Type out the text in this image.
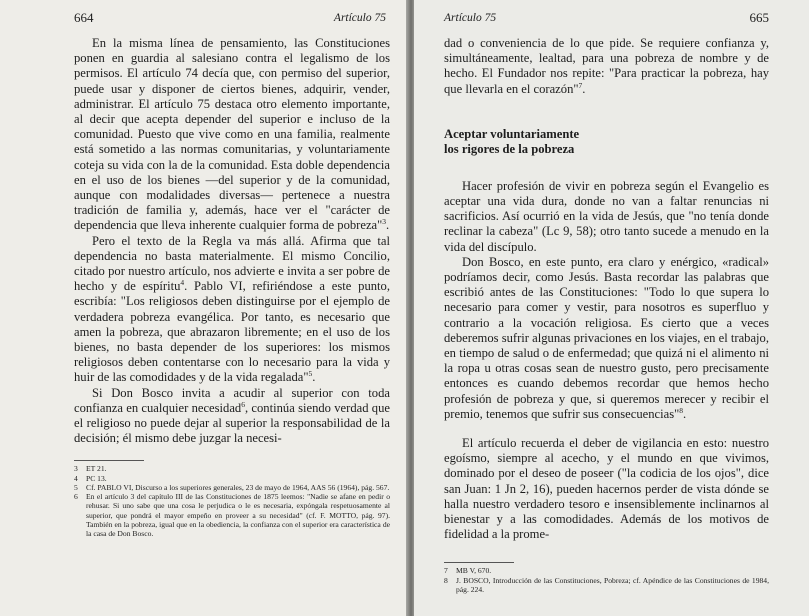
664	Artículo 75

En la misma línea de pensamiento, las Constituciones ponen en guardia al salesiano contra el legalismo de los permisos. El artículo 74 decía que, con permiso del superior, puede usar y disponer de ciertos bienes, adquirir, vender, administrar. El artículo 75 destaca otro elemento importante, al decir que acepta depender del superior e incluso de la comunidad. Puesto que vive como en una familia, realmente está sometido a las normas comunitarias, y voluntariamente coteja su vida con la de la comunidad. Esta doble dependencia en el uso de los bienes —del superior y de la comunidad, aunque con modalidades diversas— pertenece a nuestra tradición de familia y, además, hace ver el "carácter de dependencia que lleva inherente cualquier forma de pobreza"$^3$.

Pero el texto de la Regla va más allá. Afirma que tal dependencia no basta materialmente. El mismo Concilio, citado por nuestro artículo, nos advierte e invita a ser pobre de hecho y de espíritu$^4$. Pablo VI, refiriéndose a este punto, escribía: "Los religiosos deben distinguirse por el ejemplo de verdadera pobreza evangélica. Por tanto, es necesario que amen la pobreza, que abrazaron libremente; en el uso de los bienes, no basta depender de los superiores: los mismos religiosos deben contentarse con lo necesario para la vida y huir de las comodidades y de la vida regalada"$^5$.

Si Don Bosco invita a acudir al superior con toda confianza en cualquier necesidad$^6$, continúa siendo verdad que el religioso no puede dejar al superior la responsabilidad de la decisión; él mismo debe juzgar la necesi-

3	ET 21.
4	PC 13.
5	Cf. PABLO VI, Discurso a los superiores generales, 23 de mayo de 1964, AAS 56 (1964), pág. 567.
6	En el artículo 3 del capítulo III de las Constituciones de 1875 leemos: "Nadie se afane en pedir o rehusar. Si uno sabe que una cosa le perjudica o le es necesaria, expóngala respetuosamente al superior, que pondrá el mayor empeño en proveer a su necesidad" (cf. F. MOTTO, pág. 97). También en la pobreza, igual que en la obediencia, la confianza con el superior era característica de la casa de Don Bosco.
Artículo 75	665

dad o conveniencia de lo que pide. Se requiere confianza y, simultáneamente, lealtad, para una pobreza de nombre y de hecho. El Fundador nos repite: "Para practicar la pobreza, hay que llevarla en el corazón"$^7$.

Aceptar voluntariamente
los rigores de la pobreza

Hacer profesión de vivir en pobreza según el Evangelio es aceptar una vida dura, donde no van a faltar renuncias ni sacrificios. Así ocurrió en la vida de Jesús, que "no tenía donde reclinar la cabeza" (Lc 9, 58); otro tanto sucede a menudo en la vida del discípulo.

Don Bosco, en este punto, era claro y enérgico, «radical» podríamos decir, como Jesús. Basta recordar las palabras que escribió antes de las Constituciones: "Todo lo que supera lo necesario para comer y vestir, para nosotros es superfluo y contrario a la vocación religiosa. Es cierto que a veces deberemos sufrir algunas privaciones en los viajes, en el trabajo, en tiempo de salud o de enfermedad; que quizá ni el alimento ni la ropa u otras cosas sean de nuestro gusto, pero precisamente entonces es cuando debemos recordar que hemos hecho profesión de pobreza y que, si queremos merecer y recibir el premio, tenemos que sufrir sus consecuencias"$^8$.

El artículo recuerda el deber de vigilancia en esto: nuestro egoísmo, siempre al acecho, y el mundo en que vivimos, dominado por el deseo de poseer ("la codicia de los ojos", dice san Juan: 1 Jn 2, 16), pueden hacernos perder de vista dónde se halla nuestro verdadero tesoro e insensiblemente inclinarnos al bienestar y a las comodidades. Además de los motivos de fidelidad a la prome-

7	MB V, 670.
8	J. BOSCO, Introducción de las Constituciones, Pobreza; cf. Apéndice de las Constituciones de 1984, pág. 224.
